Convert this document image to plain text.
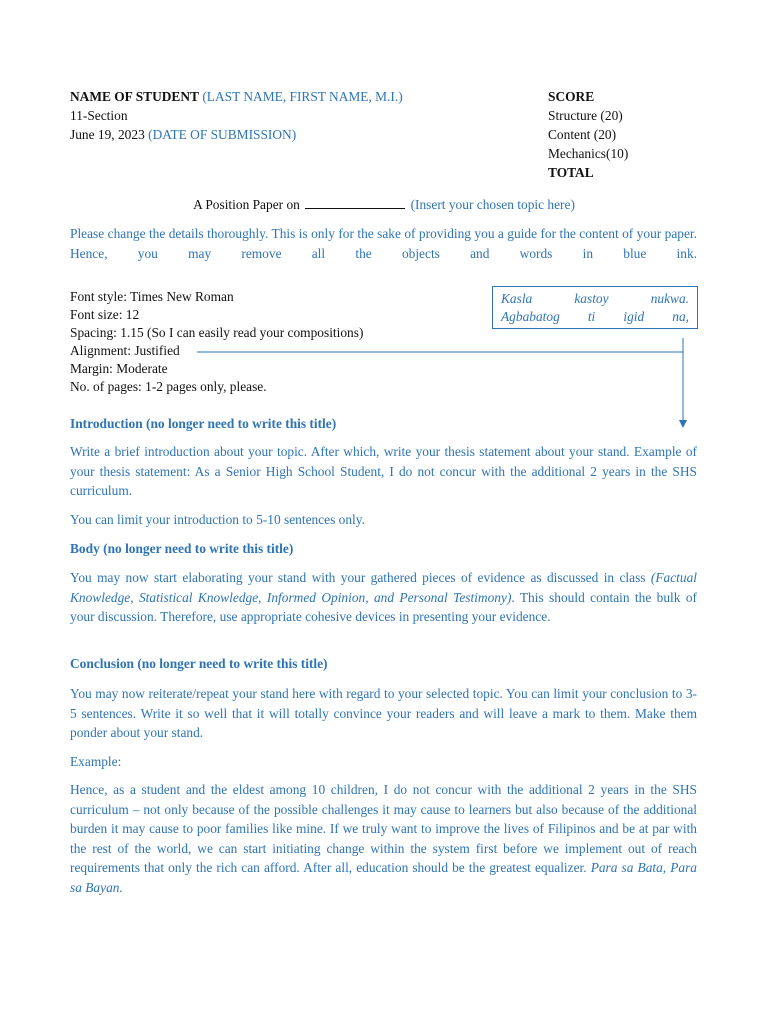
NAME OF STUDENT (LAST NAME, FIRST NAME, M.I.)
11-Section
June 19, 2023 (DATE OF SUBMISSION)
SCORE
Structure (20)
Content (20)
Mechanics(10)
TOTAL
A Position Paper on	(Insert your chosen topic here)
Please change the details thoroughly. This is only for the sake of providing you a guide for the content of your paper. Hence, you may remove all the objects and words in blue ink.
Font style: Times New Roman
Font size: 12
Spacing: 1.15 (So I can easily read your compositions)
Alignment: Justified
Margin: Moderate
No. of pages: 1-2 pages only, please.
Kasla kastoy nukwa.
Agbabatog ti igid na,
Introduction (no longer need to write this title)
Write a brief introduction about your topic. After which, write your thesis statement about your stand. Example of your thesis statement: As a Senior High School Student, I do not concur with the additional 2 years in the SHS curriculum.
You can limit your introduction to 5-10 sentences only.
Body (no longer need to write this title)
You may now start elaborating your stand with your gathered pieces of evidence as discussed in class (Factual Knowledge, Statistical Knowledge, Informed Opinion, and Personal Testimony). This should contain the bulk of your discussion. Therefore, use appropriate cohesive devices in presenting your evidence.
Conclusion (no longer need to write this title)
You may now reiterate/repeat your stand here with regard to your selected topic. You can limit your conclusion to 3-5 sentences. Write it so well that it will totally convince your readers and will leave a mark to them. Make them ponder about your stand.
Example:
Hence, as a student and the eldest among 10 children, I do not concur with the additional 2 years in the SHS curriculum – not only because of the possible challenges it may cause to learners but also because of the additional burden it may cause to poor families like mine. If we truly want to improve the lives of Filipinos and be at par with the rest of the world, we can start initiating change within the system first before we implement out of reach requirements that only the rich can afford. After all, education should be the greatest equalizer. Para sa Bata, Para sa Bayan.
